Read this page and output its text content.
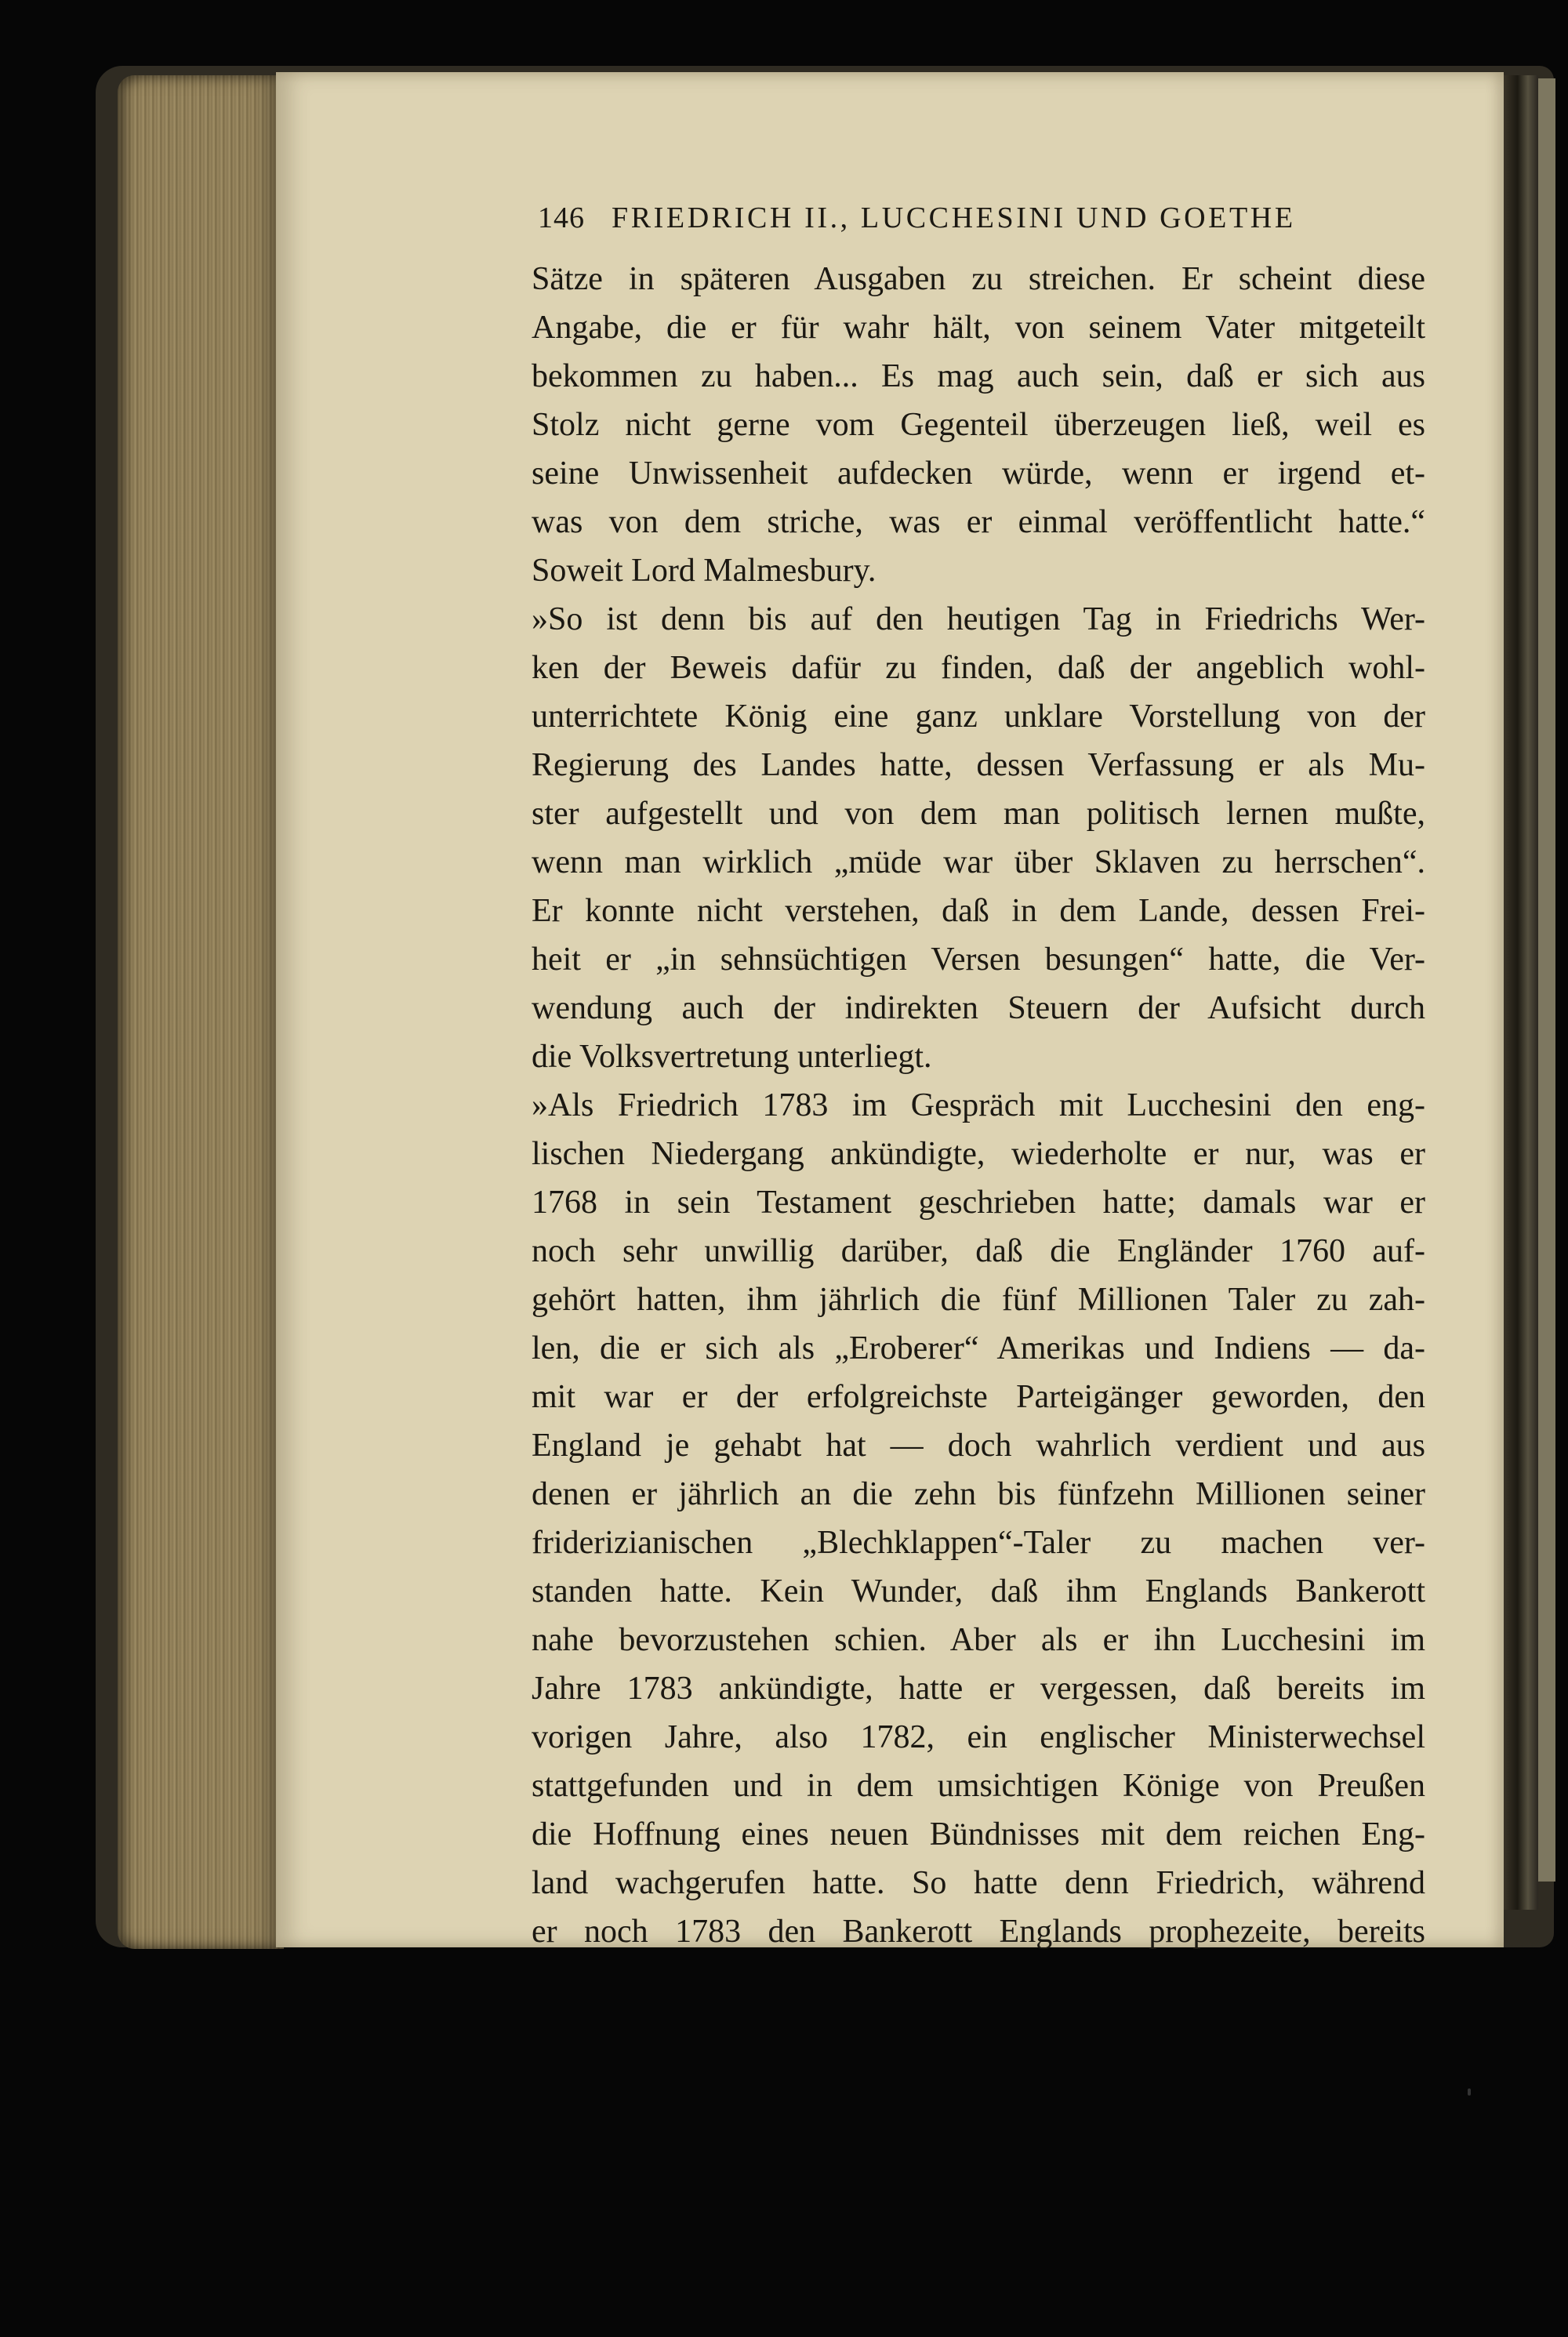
146 FRIEDRICH II., LUCCHESINI UND GOETHE
Sätze in späteren Ausgaben zu streichen. Er scheint diese
Angabe, die er für wahr hält, von seinem Vater mitgeteilt
bekommen zu haben... Es mag auch sein, daß er sich aus
Stolz nicht gerne vom Gegenteil überzeugen ließ, weil es
seine Unwissenheit aufdecken würde, wenn er irgend et-
was von dem striche, was er einmal veröffentlicht hatte.“
Soweit Lord Malmesbury.
»So ist denn bis auf den heutigen Tag in Friedrichs Wer-
ken der Beweis dafür zu finden, daß der angeblich wohl-
unterrichtete König eine ganz unklare Vorstellung von der
Regierung des Landes hatte, dessen Verfassung er als Mu-
ster aufgestellt und von dem man politisch lernen mußte,
wenn man wirklich „müde war über Sklaven zu herrschen“.
Er konnte nicht verstehen, daß in dem Lande, dessen Frei-
heit er „in sehnsüchtigen Versen besungen“ hatte, die Ver-
wendung auch der indirekten Steuern der Aufsicht durch
die Volksvertretung unterliegt.
»Als Friedrich 1783 im Gespräch mit Lucchesini den eng-
lischen Niedergang ankündigte, wiederholte er nur, was er
1768 in sein Testament geschrieben hatte; damals war er
noch sehr unwillig darüber, daß die Engländer 1760 auf-
gehört hatten, ihm jährlich die fünf Millionen Taler zu zah-
len, die er sich als „Eroberer“ Amerikas und Indiens — da-
mit war er der erfolgreichste Parteigänger geworden, den
England je gehabt hat — doch wahrlich verdient und aus
denen er jährlich an die zehn bis fünfzehn Millionen seiner
friderizianischen „Blechklappen“-Taler zu machen ver-
standen hatte. Kein Wunder, daß ihm Englands Bankerott
nahe bevorzustehen schien. Aber als er ihn Lucchesini im
Jahre 1783 ankündigte, hatte er vergessen, daß bereits im
vorigen Jahre, also 1782, ein englischer Ministerwechsel
stattgefunden und in dem umsichtigen Könige von Preußen
die Hoffnung eines neuen Bündnisses mit dem reichen Eng-
land wachgerufen hatte. So hatte denn Friedrich, während
er noch 1783 den Bankerott Englands prophezeite, bereits
